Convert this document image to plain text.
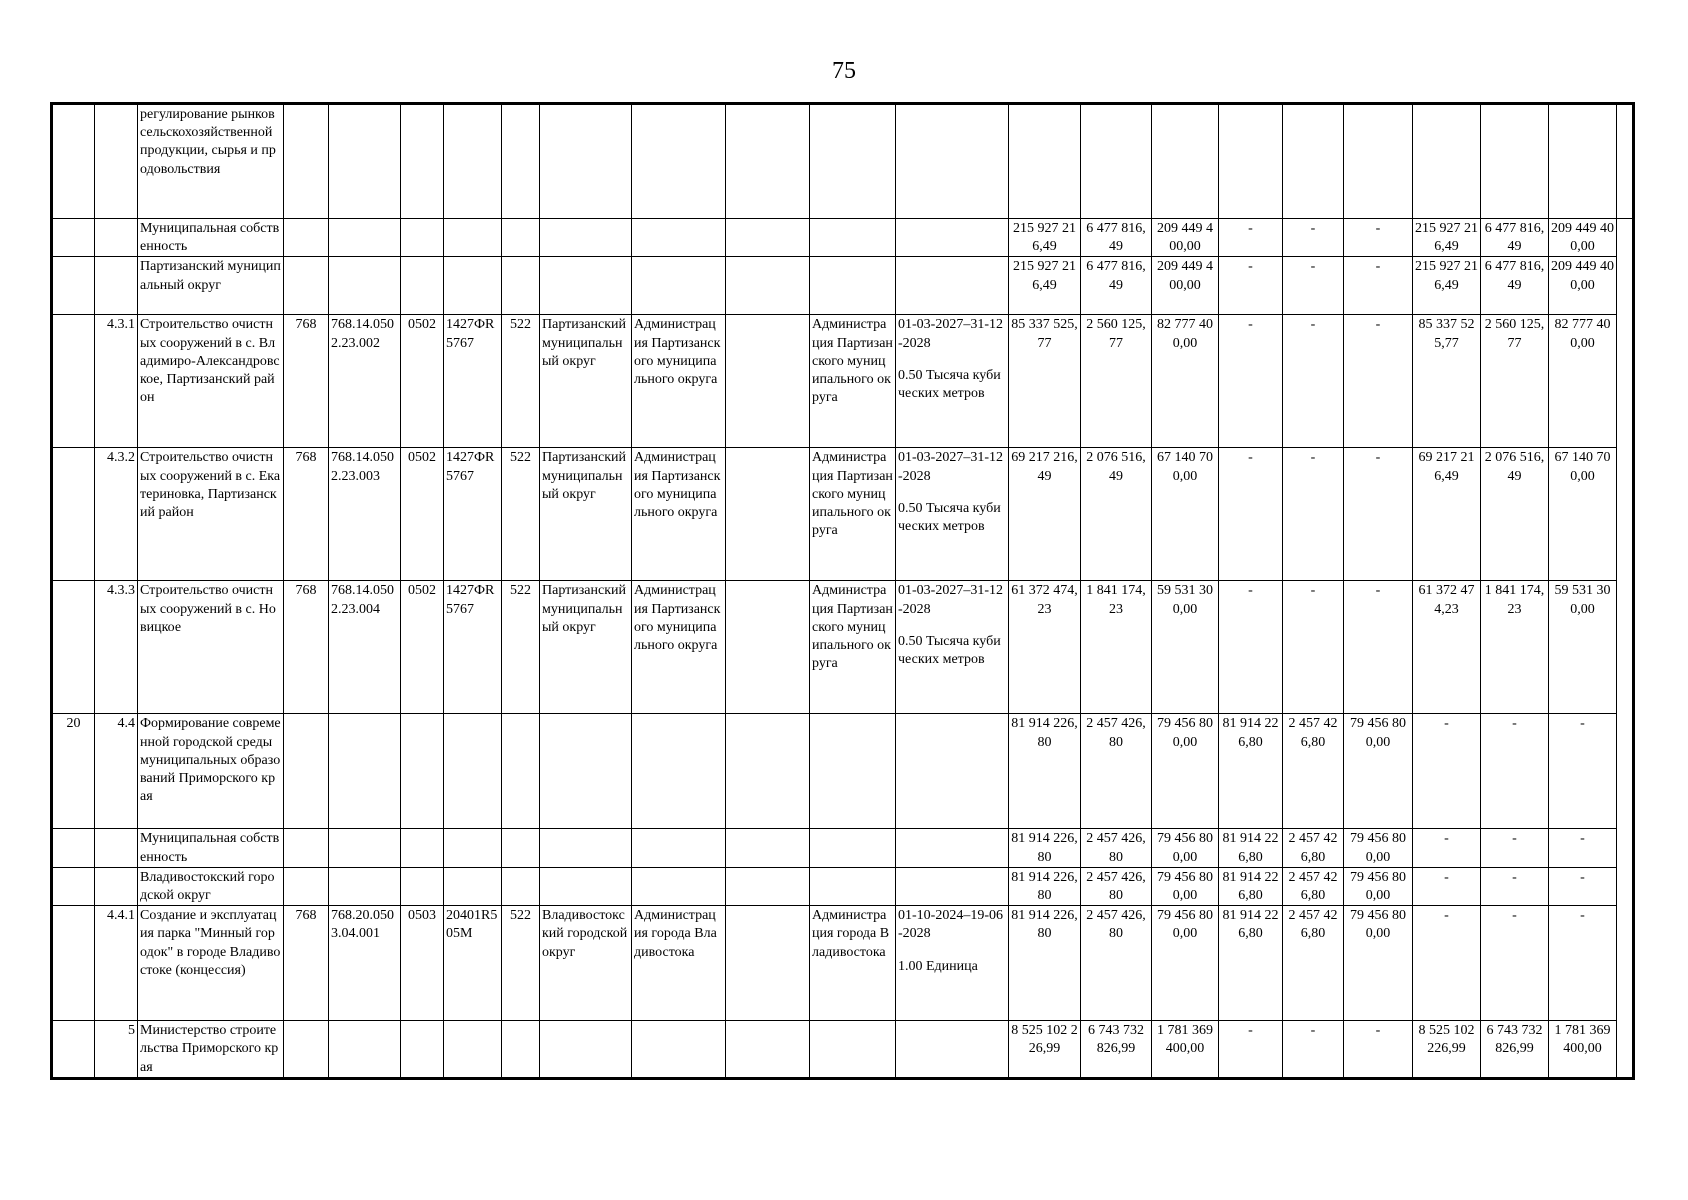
75
		регулирование рынков сельскохозяйственной продукции, сырья и продовольствия																				
		Муниципальная собственность											215 927 216,49	6 477 816,49	209 449 400,00	-	-	-	215 927 216,49	6 477 816,49	209 449 400,00	
		Партизанский муниципальный округ											215 927 216,49	6 477 816,49	209 449 400,00	-	-	-	215 927 216,49	6 477 816,49	209 449 400,00	
	4.3.1	Строительство очистных сооружений в с. Владимиро-Александровское, Партизанский район	768	768.14.0502.23.002	0502	1427ФR5767	522	Партизанский муниципальный округ	Администрация Партизанского муниципального округа		Администрация Партизанского муниципального округа	01-03-2027–31-12-2028
0.50 Тысяча кубических метров	85 337 525,77	2 560 125,77	82 777 400,00	-	-	-	85 337 525,77	2 560 125,77	82 777 400,00	
	4.3.2	Строительство очистных сооружений в с. Екатериновка, Партизанский район	768	768.14.0502.23.003	0502	1427ФR5767	522	Партизанский муниципальный округ	Администрация Партизанского муниципального округа		Администрация Партизанского муниципального округа	01-03-2027–31-12-2028
0.50 Тысяча кубических метров	69 217 216,49	2 076 516,49	67 140 700,00	-	-	-	69 217 216,49	2 076 516,49	67 140 700,00	
	4.3.3	Строительство очистных сооружений в с. Новицкое	768	768.14.0502.23.004	0502	1427ФR5767	522	Партизанский муниципальный округ	Администрация Партизанского муниципального округа		Администрация Партизанского муниципального округа	01-03-2027–31-12-2028
0.50 Тысяча кубических метров	61 372 474,23	1 841 174,23	59 531 300,00	-	-	-	61 372 474,23	1 841 174,23	59 531 300,00	
20	4.4	Формирование современной городской среды муниципальных образований Приморского края											81 914 226,80	2 457 426,80	79 456 800,00	81 914 226,80	2 457 426,80	79 456 800,00	-	-	-	
		Муниципальная собственность											81 914 226,80	2 457 426,80	79 456 800,00	81 914 226,80	2 457 426,80	79 456 800,00	-	-	-	
		Владивостокский городской округ											81 914 226,80	2 457 426,80	79 456 800,00	81 914 226,80	2 457 426,80	79 456 800,00	-	-	-	
	4.4.1	Создание и эксплуатация парка "Минный городок" в городе Владивостоке (концессия)	768	768.20.0503.04.001	0503	20401R505M	522	Владивостокский городской округ	Администрация города Владивостока		Администрация города Владивостока	01-10-2024–19-06-2028
1.00 Единица	81 914 226,80	2 457 426,80	79 456 800,00	81 914 226,80	2 457 426,80	79 456 800,00	-	-	-	
	5	Министерство строительства Приморского края											8 525 102 226,99	6 743 732 826,99	1 781 369 400,00	-	-	-	8 525 102 226,99	6 743 732 826,99	1 781 369 400,00	
